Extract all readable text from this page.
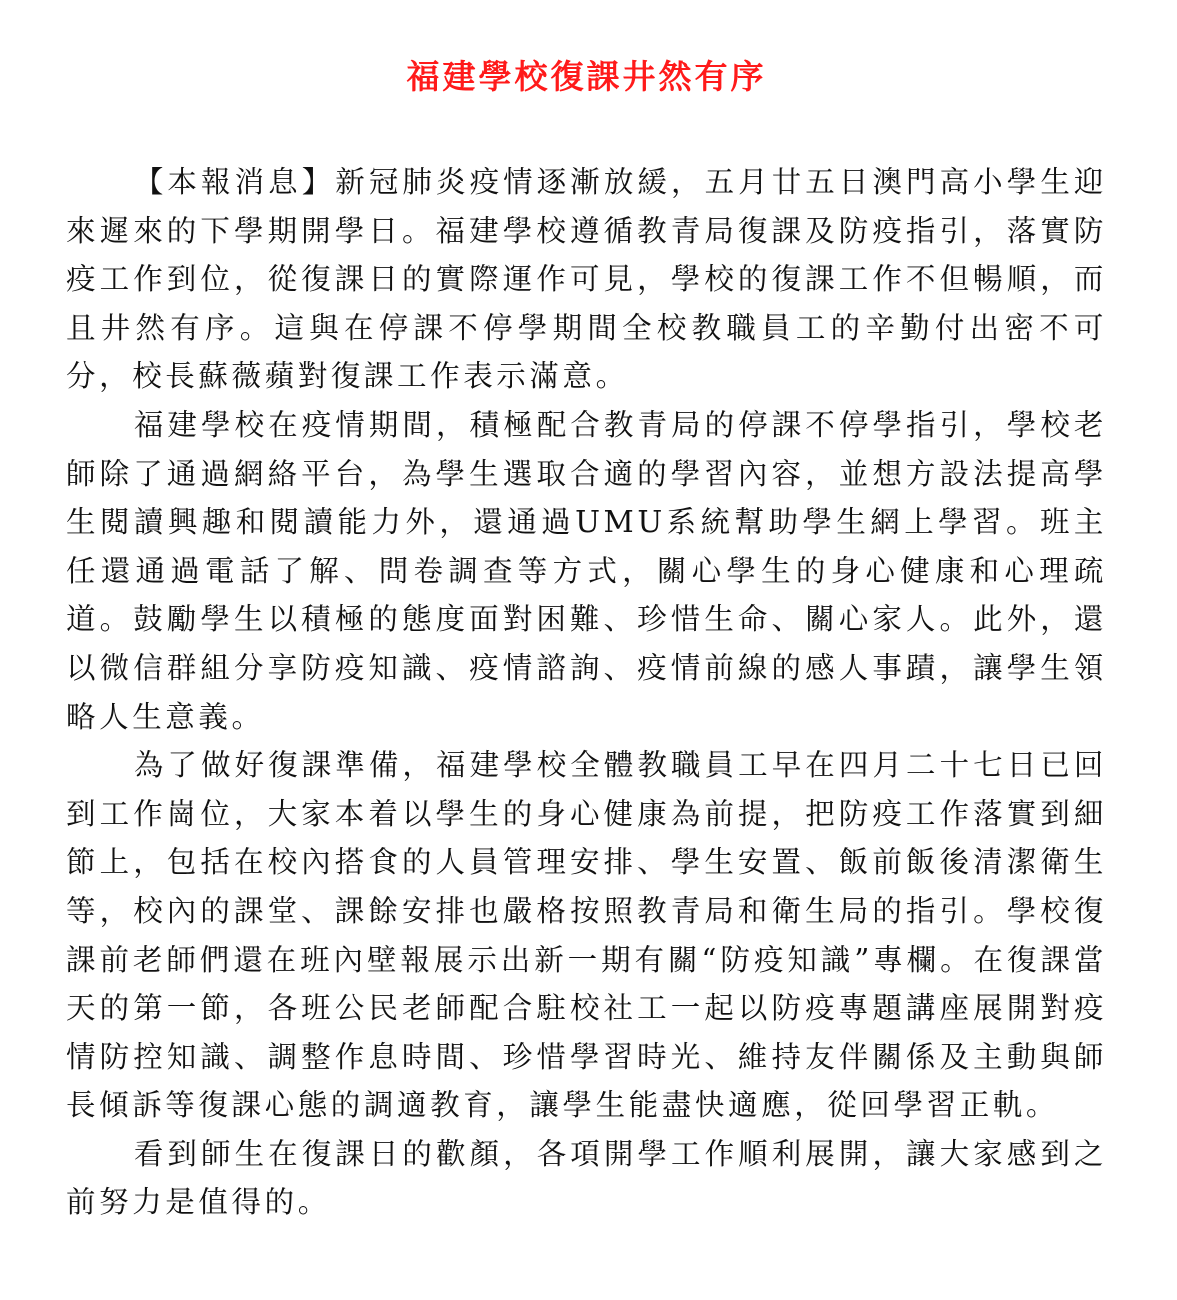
福建學校復課井然有序

【本報消息】新冠肺炎疫情逐漸放緩，五月廿五日澳門高小學生迎來遲來的下學期開學日。福建學校遵循教青局復課及防疫指引，落實防疫工作到位，從復課日的實際運作可見，學校的復課工作不但暢順，而且井然有序。這與在停課不停學期間全校教職員工的辛勤付出密不可分，校長蘇薇蘋對復課工作表示滿意。

福建學校在疫情期間，積極配合教青局的停課不停學指引，學校老師除了通過網絡平台，為學生選取合適的學習內容，並想方設法提高學生閱讀興趣和閱讀能力外，還通過UMU系統幫助學生網上學習。班主任還通過電話了解、問卷調查等方式，關心學生的身心健康和心理疏道。鼓勵學生以積極的態度面對困難、珍惜生命、關心家人。此外，還以微信群組分享防疫知識、疫情諮詢、疫情前線的感人事蹟，讓學生領略人生意義。

為了做好復課準備，福建學校全體教職員工早在四月二十七日已回到工作崗位，大家本着以學生的身心健康為前提，把防疫工作落實到細節上，包括在校內搭食的人員管理安排、學生安置、飯前飯後清潔衛生等，校內的課堂、課餘安排也嚴格按照教青局和衛生局的指引。學校復課前老師們還在班內壁報展示出新一期有關“防疫知識”專欄。在復課當天的第一節，各班公民老師配合駐校社工一起以防疫專題講座展開對疫情防控知識、調整作息時間、珍惜學習時光、維持友伴關係及主動與師長傾訴等復課心態的調適教育，讓學生能盡快適應，從回學習正軌。

看到師生在復課日的歡顏，各項開學工作順利展開，讓大家感到之前努力是值得的。
